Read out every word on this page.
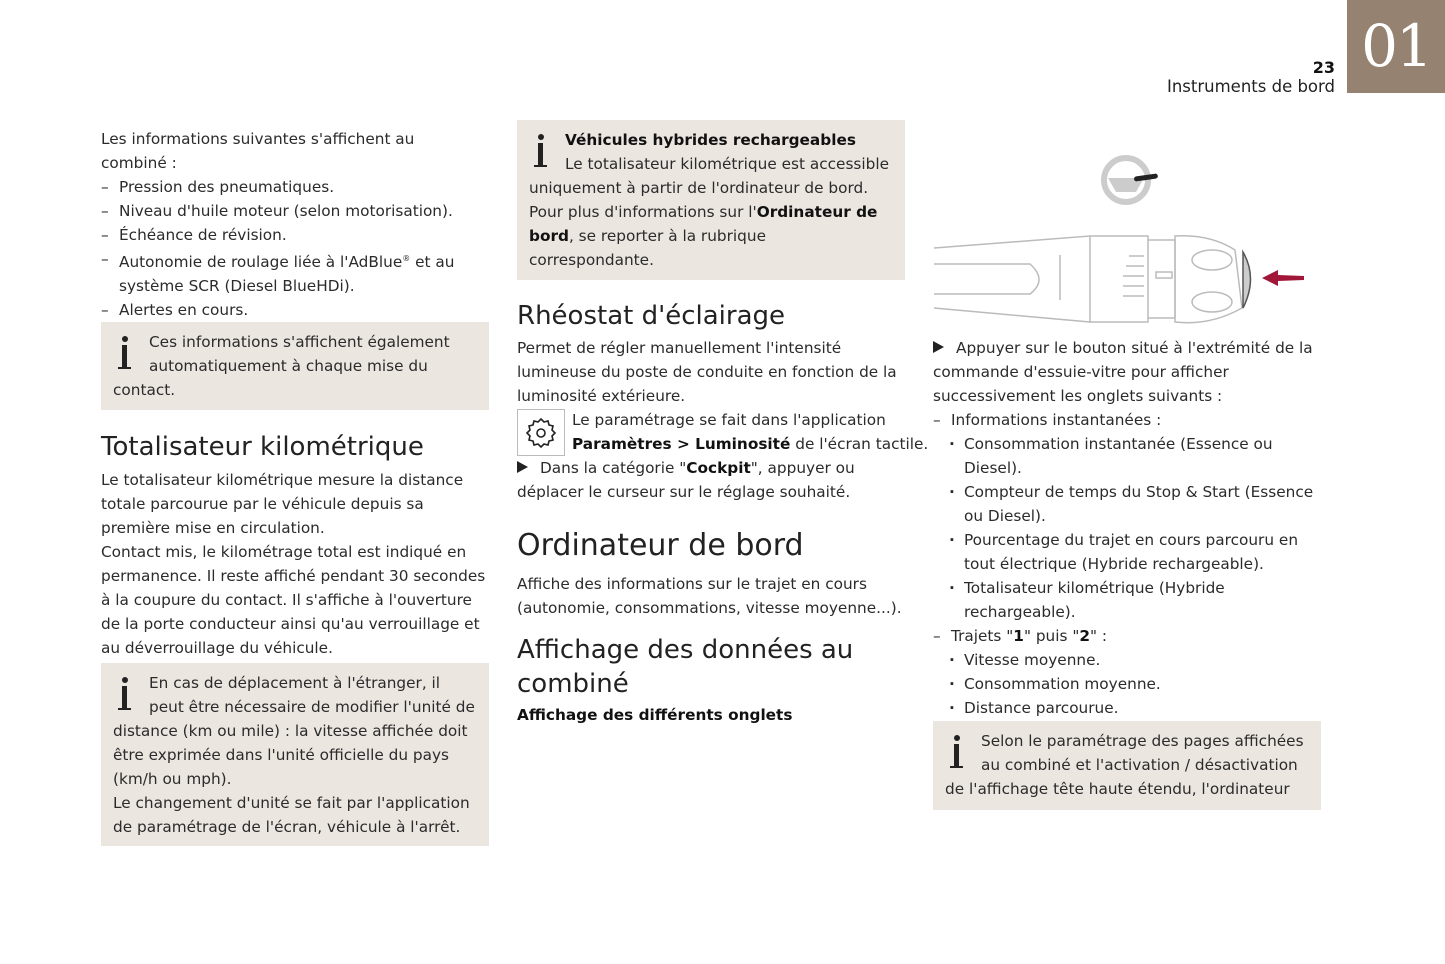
23
Instruments de bord
01

Les informations suivantes s'affichent au combiné :

– Pression des pneumatiques.
– Niveau d'huile moteur (selon motorisation).
– Échéance de révision.
– Autonomie de roulage liée à l'AdBlue® et au système SCR (Diesel BlueHDi).
– Alertes en cours.

Ces informations s'affichent également automatiquement à chaque mise du contact.

Totalisateur kilométrique

Le totalisateur kilométrique mesure la distance totale parcourue par le véhicule depuis sa première mise en circulation.

Contact mis, le kilométrage total est indiqué en permanence. Il reste affiché pendant 30 secondes à la coupure du contact. Il s'affiche à l'ouverture de la porte conducteur ainsi qu'au verrouillage et au déverrouillage du véhicule.

En cas de déplacement à l'étranger, il peut être nécessaire de modifier l'unité de distance (km ou mile) : la vitesse affichée doit être exprimée dans l'unité officielle du pays (km/h ou mph).

Le changement d'unité se fait par l'application de paramétrage de l'écran, véhicule à l'arrêt.

Véhicules hybrides rechargeables

Le totalisateur kilométrique est accessible uniquement à partir de l'ordinateur de bord.

Pour plus d'informations sur l'Ordinateur de bord, se reporter à la rubrique correspondante.

Rhéostat d'éclairage

Permet de régler manuellement l'intensité lumineuse du poste de conduite en fonction de la luminosité extérieure.

Le paramétrage se fait dans l'application
Paramètres > Luminosité de l'écran tactile.

Dans la catégorie "Cockpit", appuyer ou déplacer le curseur sur le réglage souhaité.

Ordinateur de bord

Affiche des informations sur le trajet en cours (autonomie, consommations, vitesse moyenne...).

Affichage des données au combiné

Affichage des différents onglets

Appuyer sur le bouton situé à l'extrémité de la commande d'essuie-vitre pour afficher successivement les onglets suivants :

– Informations instantanées :
· Consommation instantanée (Essence ou Diesel).
· Compteur de temps du Stop & Start (Essence ou Diesel).
· Pourcentage du trajet en cours parcouru en tout électrique (Hybride rechargeable).
· Totalisateur kilométrique (Hybride rechargeable).
– Trajets "1" puis "2" :
· Vitesse moyenne.
· Consommation moyenne.
· Distance parcourue.

Selon le paramétrage des pages affichées au combiné et l'activation / désactivation de l'affichage tête haute étendu, l'ordinateur
